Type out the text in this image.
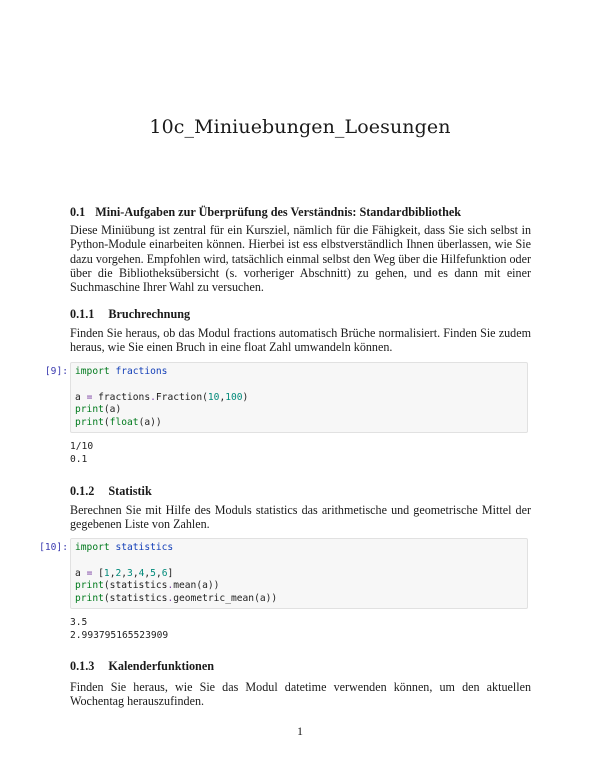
10c_Miniuebungen_Loesungen
0.1 Mini-Aufgaben zur Überprüfung des Verständnis: Standardbibliothek
Diese Miniübung ist zentral für ein Kursziel, nämlich für die Fähigkeit, dass Sie sich selbst in Python-Module einarbeiten können. Hierbei ist ess elbstverständlich Ihnen überlassen, wie Sie dazu vorgehen. Empfohlen wird, tatsächlich einmal selbst den Weg über die Hilfefunktion oder über die Bibliotheksübersicht (s. vorheriger Abschnitt) zu gehen, und es dann mit einer Suchmaschine Ihrer Wahl zu versuchen.
0.1.1 Bruchrechnung
Finden Sie heraus, ob das Modul fractions automatisch Brüche normalisiert. Finden Sie zudem heraus, wie Sie einen Bruch in eine float Zahl umwandeln können.
[9]: import fractions
a = fractions.Fraction(10,100)
print(a)
print(float(a))
1/10
0.1
0.1.2 Statistik
Berechnen Sie mit Hilfe des Moduls statistics das arithmetische und geometrische Mittel der gegebenen Liste von Zahlen.
[10]: import statistics
a = [1,2,3,4,5,6]
print(statistics.mean(a))
print(statistics.geometric_mean(a))
3.5
2.993795165523909
0.1.3 Kalenderfunktionen
Finden Sie heraus, wie Sie das Modul datetime verwenden können, um den aktuellen Wochentag herauszufinden.
1
